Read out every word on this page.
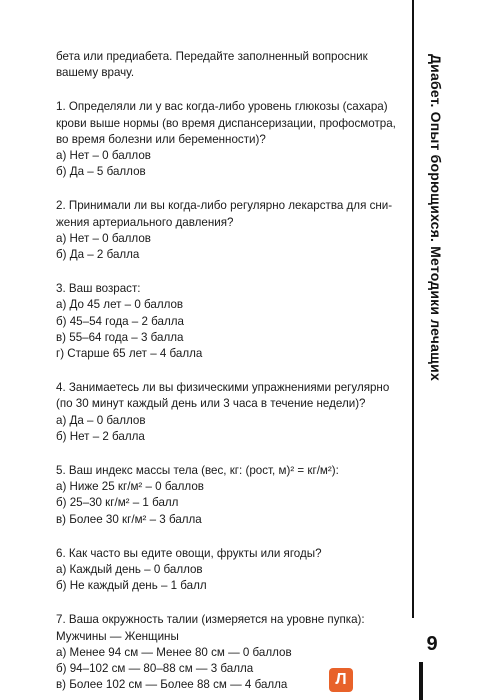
бета или предиабета. Передайте заполненный вопросник вашему врачу.

1. Определяли ли у вас когда-либо уровень глюкозы (сахара) крови выше нормы (во время диспансеризации, профосмотра, во время болезни или беременности)?

а) Нет – 0 баллов

б) Да – 5 баллов

2. Принимали ли вы когда-либо регулярно лекарства для сни-жения артериального давления?

а) Нет – 0 баллов

б) Да – 2 балла

3. Ваш возраст:

а) До 45 лет – 0 баллов

б) 45–54 года – 2 балла

в) 55–64 года – 3 балла

г) Старше 65 лет – 4 балла

4. Занимаетесь ли вы физическими упражнениями регулярно (по 30 минут каждый день или 3 часа в течение недели)?

а) Да – 0 баллов

б) Нет – 2 балла

5. Ваш индекс массы тела (вес, кг: (рост, м)² = кг/м²):

а) Ниже 25 кг/м² – 0 баллов

б) 25–30 кг/м² – 1 балл

в) Более 30 кг/м² – 3 балла

6. Как часто вы едите овощи, фрукты или ягоды?

а) Каждый день – 0 баллов

б) Не каждый день – 1 балл

7. Ваша окружность талии (измеряется на уровне пупка):

Мужчины — Женщины

а) Менее 94 см — Менее 80 см — 0 баллов

б) 94–102 см — 80–88 см — 3 балла

в) Более 102 см — Более 88 см — 4 балла

Диабет. Опыт борющихся. Методики лечащих
9
Л
